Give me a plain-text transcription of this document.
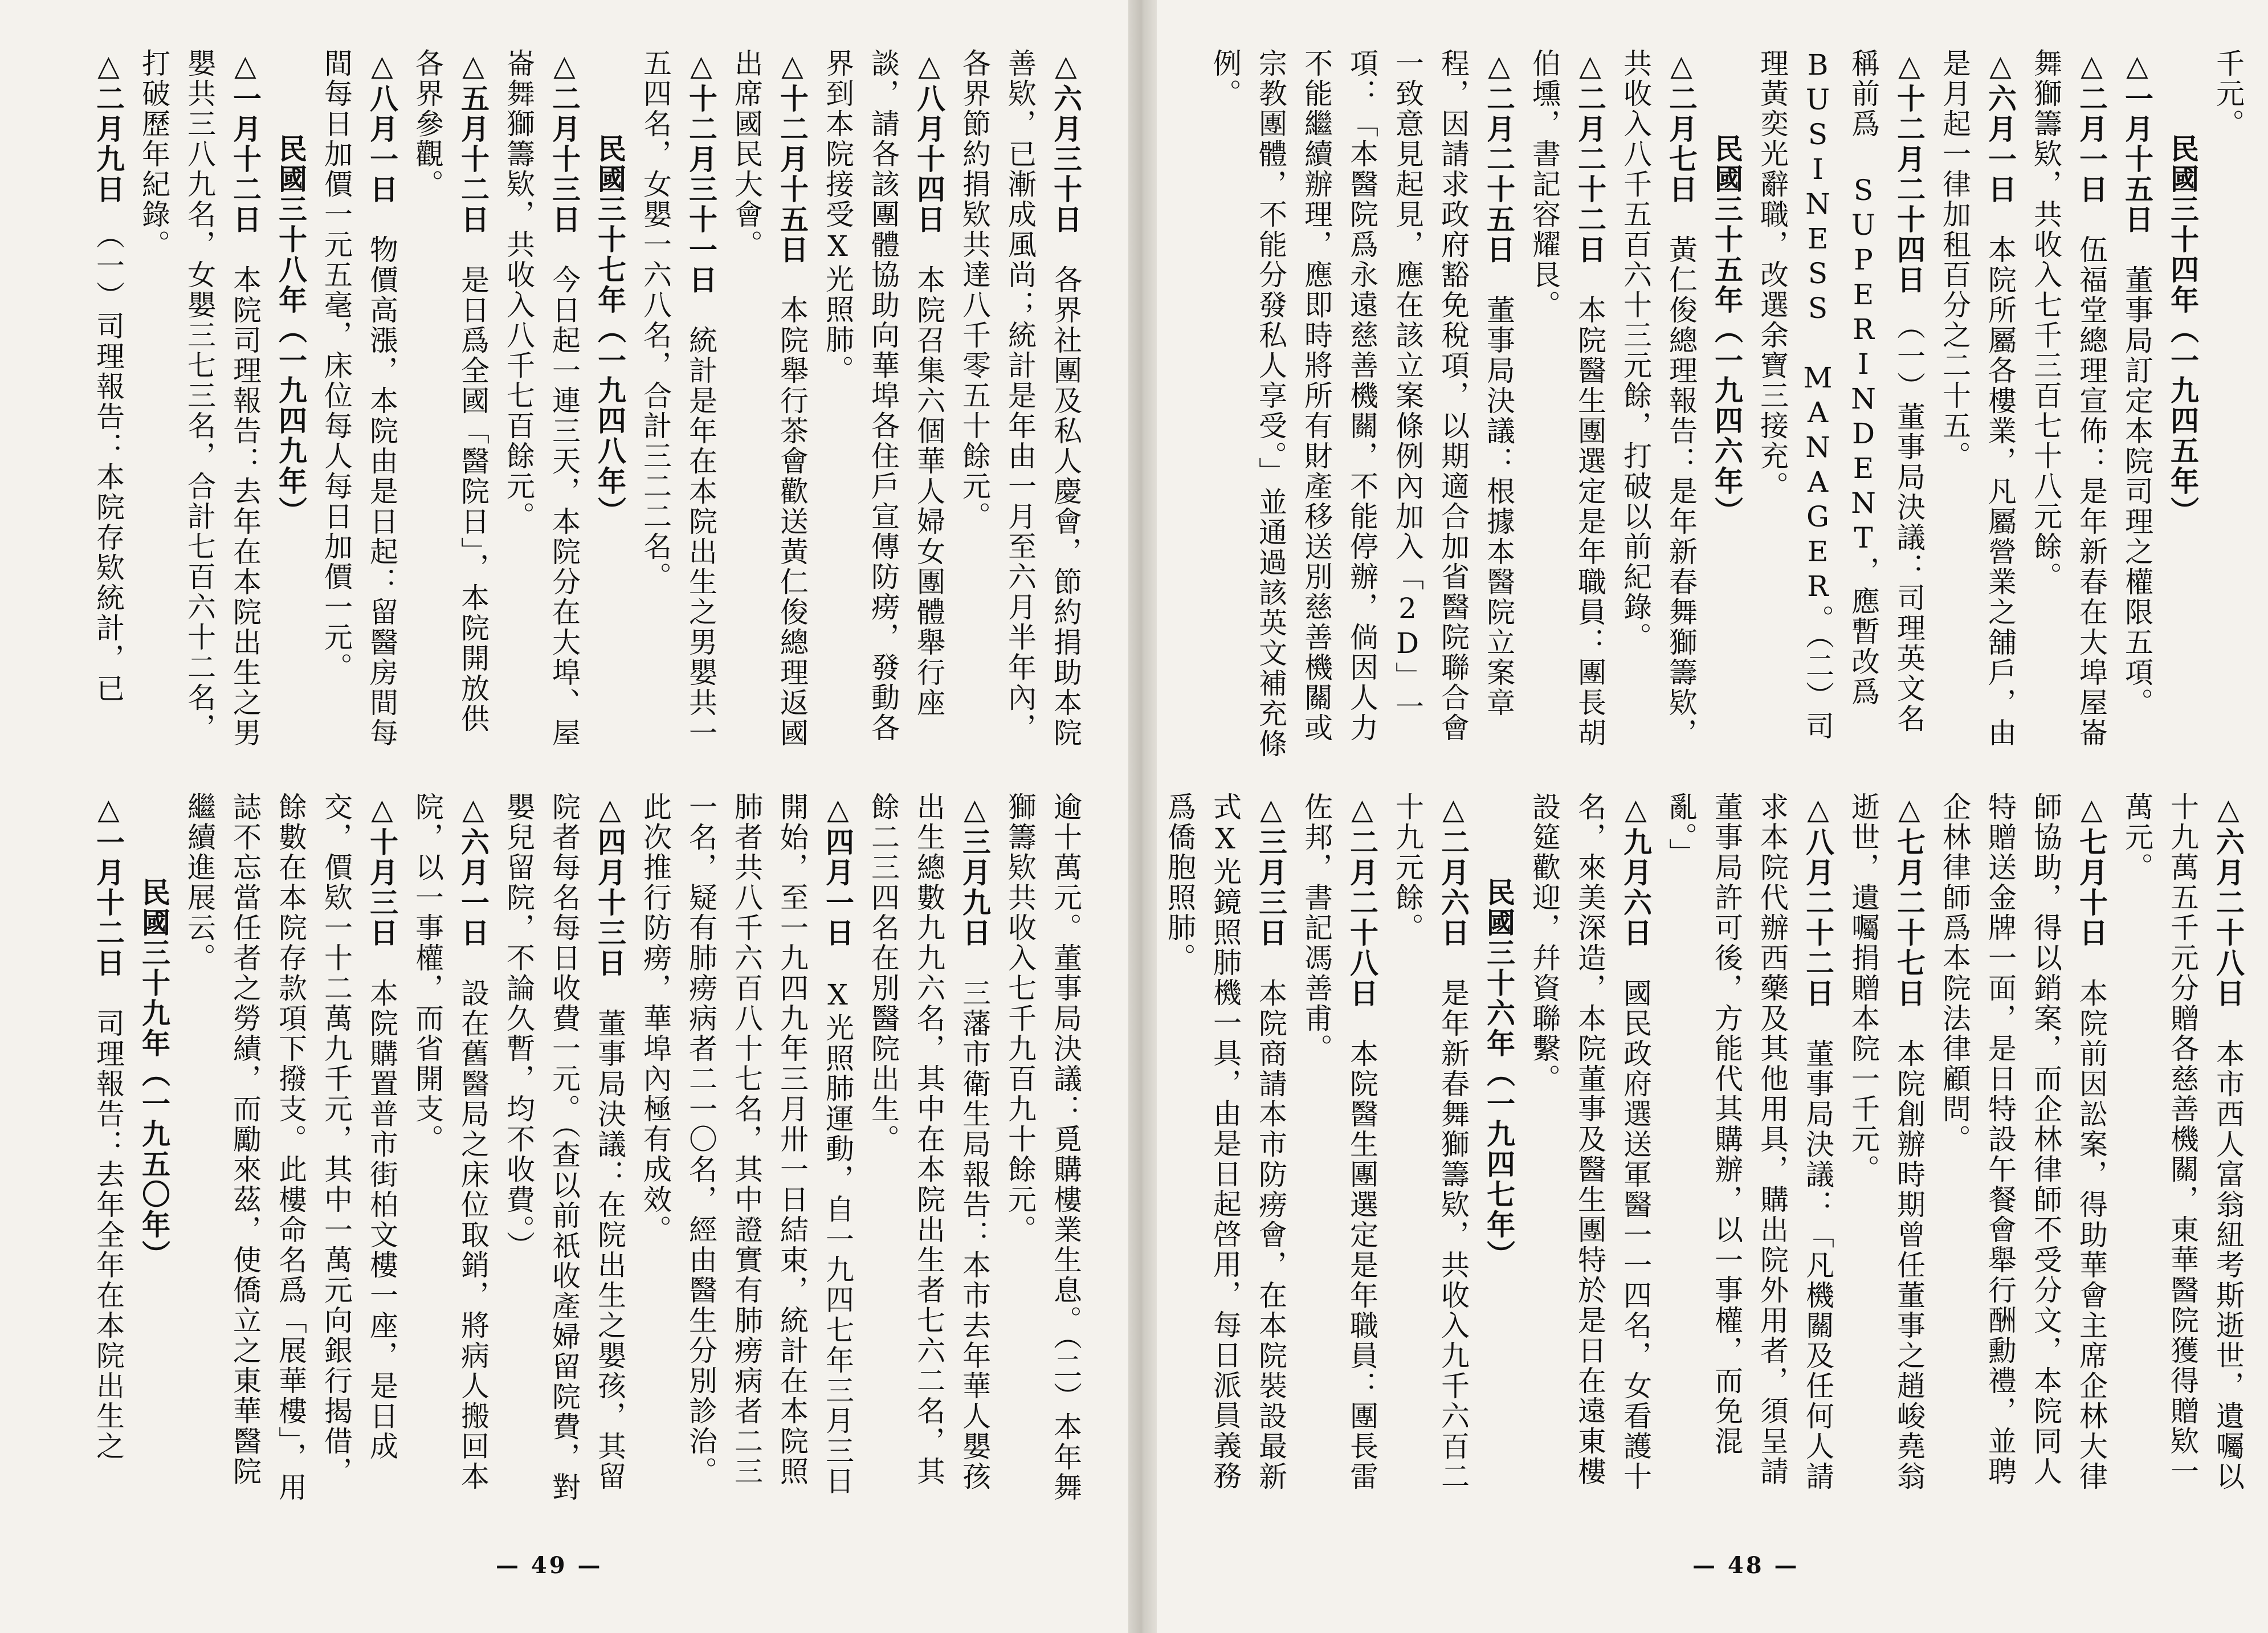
△六月三十日　各界社團及私人慶會，節約捐助本院善欵，已漸成風尚；統計是年由一月至六月半年內，各界節約捐欵共達八千零五十餘元。

△八月十四日　本院召集六個華人婦女團體舉行座談，請各該團體協助向華埠各住戶宣傳防痨，發動各界到本院接受X光照肺。

△十二月十五日　本院舉行茶會歡送黃仁俊總理返國出席國民大會。

△十二月三十一日　統計是年在本院出生之男嬰共一五四名，女嬰一六八名，合計三二二名。

民國三十七年（一九四八年）

△二月十三日　今日起一連三天，本院分在大埠、屋崙舞獅籌欵，共收入八千七百餘元。

△五月十二日　是日爲全國「醫院日」，本院開放供各界參觀。

△八月一日　物價高漲，本院由是日起：留醫房間每間每日加價一元五毫，床位每人每日加價一元。

民國三十八年（一九四九年）

△一月十二日　本院司理報告：去年在本院出生之男嬰共三八九名，女嬰三七三名，合計七百六十二名，打破歷年紀錄。

△二月九日　（一）司理報告：本院存欵統計，已

逾十萬元。董事局決議：覓購樓業生息。（二）本年舞獅籌欵共收入七千九百九十餘元。

△三月九日　三藩市衛生局報告：本市去年華人嬰孩出生總數九九六名，其中在本院出生者七六二名，其餘二三四名在別醫院出生。

△四月一日　X光照肺運動，自一九四七年三月三日開始，至一九四九年三月卅一日結束，統計在本院照肺者共八千六百八十七名，其中證實有肺痨病者二三一名，疑有肺痨病者二一〇名，經由醫生分別診治。此次推行防痨，華埠內極有成效。

△四月十三日　董事局決議：在院出生之嬰孩，其留院者每名每日收費一元。（查以前祇收產婦留院費，對嬰兒留院，不論久暫，均不收費。）

△六月一日　設在舊醫局之床位取銷，將病人搬回本院，以一事權，而省開支。

△十月三日　本院購置普市街柏文樓一座，是日成交，價欵一十二萬九千元，其中一萬元向銀行揭借，餘數在本院存款項下撥支。此樓命名爲「展華樓」，用誌不忘當任者之勞績，而勵來茲，使僑立之東華醫院繼續進展云。

民國三十九年（一九五〇年）

△一月十二日　司理報告：去年全年在本院出生之

— 49 —

千元。

民國三十四年（一九四五年）

△一月十五日　董事局訂定本院司理之權限五項。

△二月一日　伍福堂總理宣佈：是年新春在大埠屋崙舞獅籌欵，共收入七千三百七十八元餘。

△六月一日　本院所屬各樓業，凡屬營業之舖戶，由是月起一律加租百分之二十五。

△十二月二十四日　（一）董事局決議：司理英文名稱前爲 SUPERINDENT，應暫改爲 BUSINESS MANAGER。（二）司理黃奕光辭職，改選余寶三接充。

民國三十五年（一九四六年）

△二月七日　黃仁俊總理報告：是年新春舞獅籌欵，共收入八千五百六十三元餘，打破以前紀錄。

△二月二十二日　本院醫生團選定是年職員：團長胡伯壎，書記容耀艮。

△二月二十五日　董事局決議：根據本醫院立案章程，因請求政府豁免稅項，以期適合加省醫院聯合會一致意見起見，應在該立案條例內加入「2D」一項：「本醫院爲永遠慈善機關，不能停辦，倘因人力不能繼續辦理，應即時將所有財產移送別慈善機關或宗教團體，不能分發私人享受。」並通過該英文補充條例。

△六月二十八日　本市西人富翁紐考斯逝世，遺囑以十九萬五千元分贈各慈善機關，東華醫院獲得贈欵一萬元。

△七月十日　本院前因訟案，得助華會主席企林大律師協助，得以銷案，而企林律師不受分文，本院同人特贈送金牌一面，是日特設午餐會舉行酬勳禮，並聘企林律師爲本院法律顧問。

△七月二十七日　本院創辦時期曾任董事之趙峻堯翁逝世，遺囑捐贈本院一千元。

△八月二十二日　董事局決議：「凡機關及任何人請求本院代辦西藥及其他用具，購出院外用者，須呈請董事局許可後，方能代其購辦，以一事權，而免混亂。」

△九月六日　國民政府選送軍醫一一四名，女看護十名，來美深造，本院董事及醫生團特於是日在遠東樓設筵歡迎，幷資聯繫。

民國三十六年（一九四七年）

△二月六日　是年新春舞獅籌欵，共收入九千六百二十九元餘。

△二月二十八日　本院醫生團選定是年職員：團長雷佐邦，書記馮善甫。

△三月三日　本院商請本市防痨會，在本院裝設最新式X光鏡照肺機一具，由是日起啓用，每日派員義務爲僑胞照肺。

— 48 —
